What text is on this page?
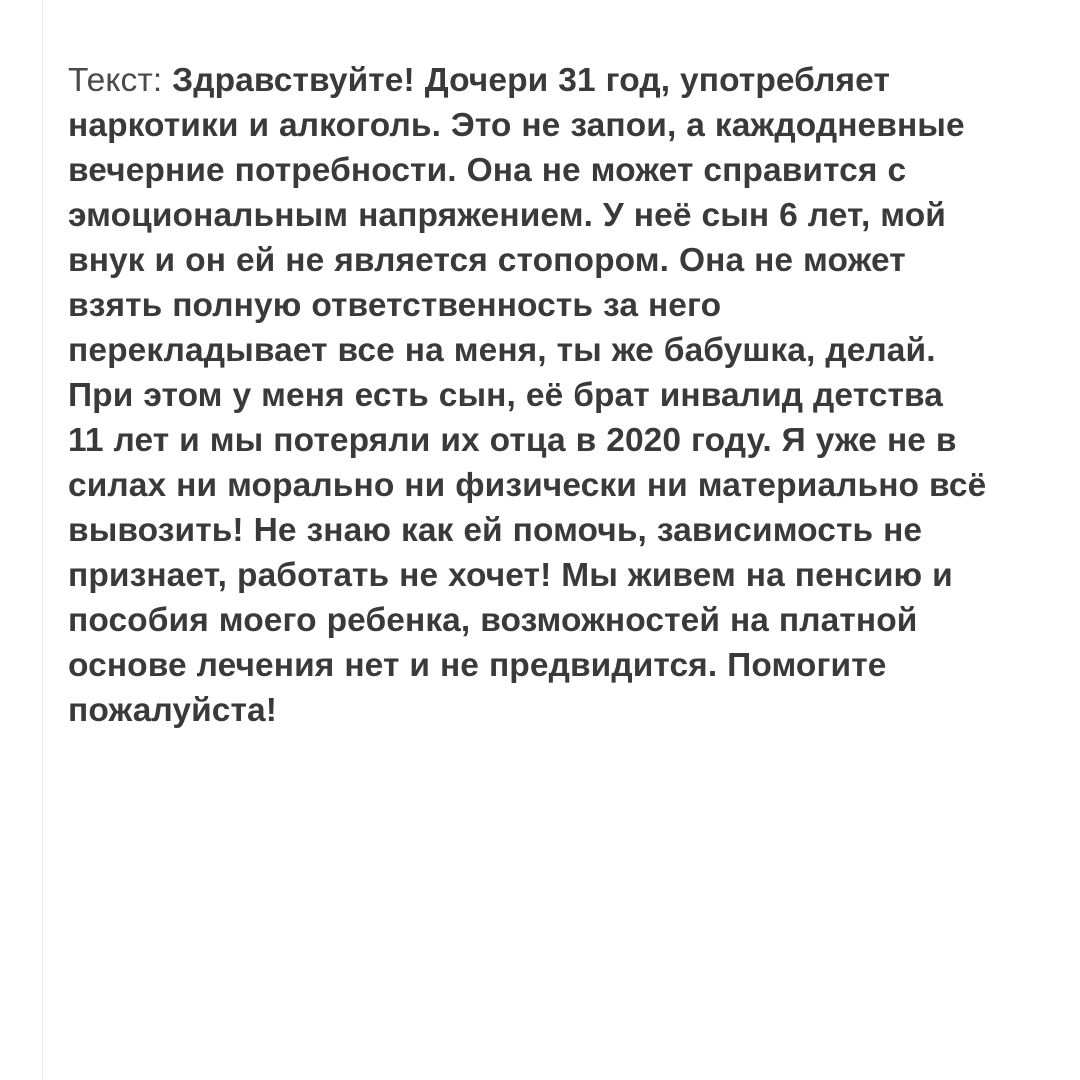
Текст: Здравствуйте! Дочери 31 год, употребляет наркотики и алкоголь. Это не запои, а каждодневные вечерние потребности. Она не может справится с эмоциональным напряжением. У неё сын 6 лет, мой внук и он ей не является стопором. Она не может взять полную ответственность за него перекладывает все на меня, ты же бабушка, делай. При этом у меня есть сын, её брат инвалид детства 11 лет и мы потеряли их отца в 2020 году. Я уже не в силах ни морально ни физически ни материально всё вывозить! Не знаю как ей помочь, зависимость не признает, работать не хочет! Мы живем на пенсию и пособия моего ребенка, возможностей на платной основе лечения нет и не предвидится. Помогите пожалуйста!
